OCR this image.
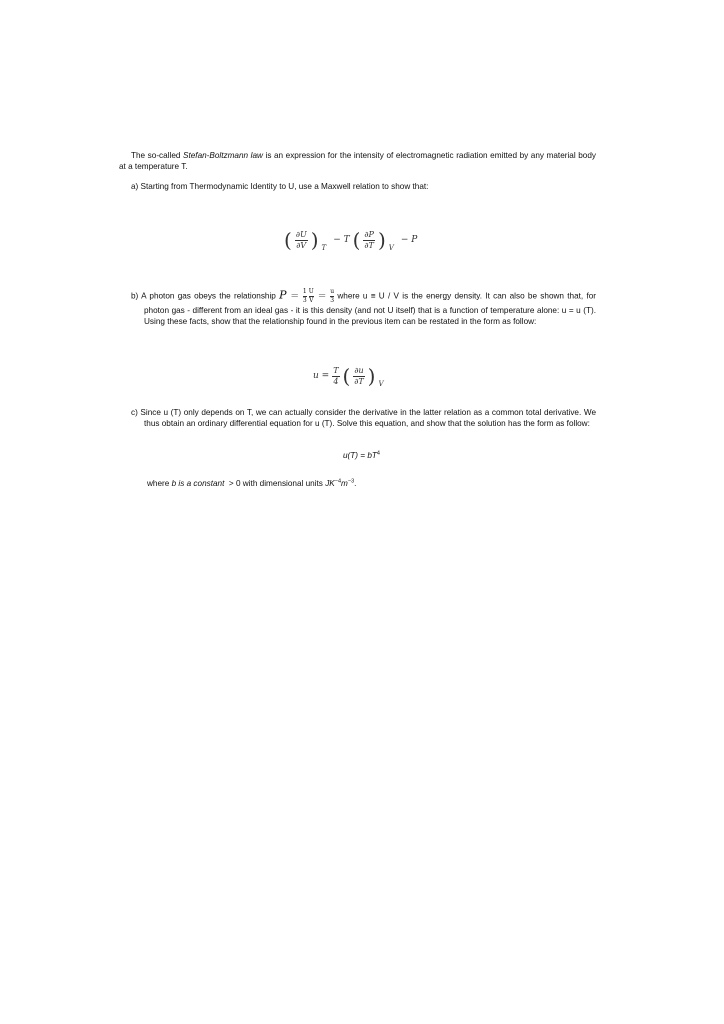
The so-called Stefan-Boltzmann law is an expression for the intensity of electromagnetic radiation emitted by any material body at a temperature T.
a) Starting from Thermodynamic Identity to U, use a Maxwell relation to show that:
( $\frac{\partial U}{\partial V}$ ) T
− T ( $\frac{\partial P}{\partial T}$ ) V
− P
b) A photon gas obeys the relationship $P = \frac{1}{3} \frac{U}{V} = \frac{u}{3}$ where u ≡ U / V is the energy density. It can also be shown that, for photon gas - different from an ideal gas - it is this density (and not U itself) that is a function of temperature alone: u = u (T). Using these facts, show that the relationship found in the previous item can be restated in the form as follow:
$u = \frac{T}{4}$ ( $\frac{\partial u}{\partial T}$ ) V
c) Since u (T) only depends on T, we can actually consider the derivative in the latter relation as a common total derivative. We thus obtain an ordinary differential equation for u (T). Solve this equation, and show that the solution has the form as follow:
$u(T) = bT^4$
where b is a constant  > 0 with dimensional units $JK^{-4}m^{-3}$.
